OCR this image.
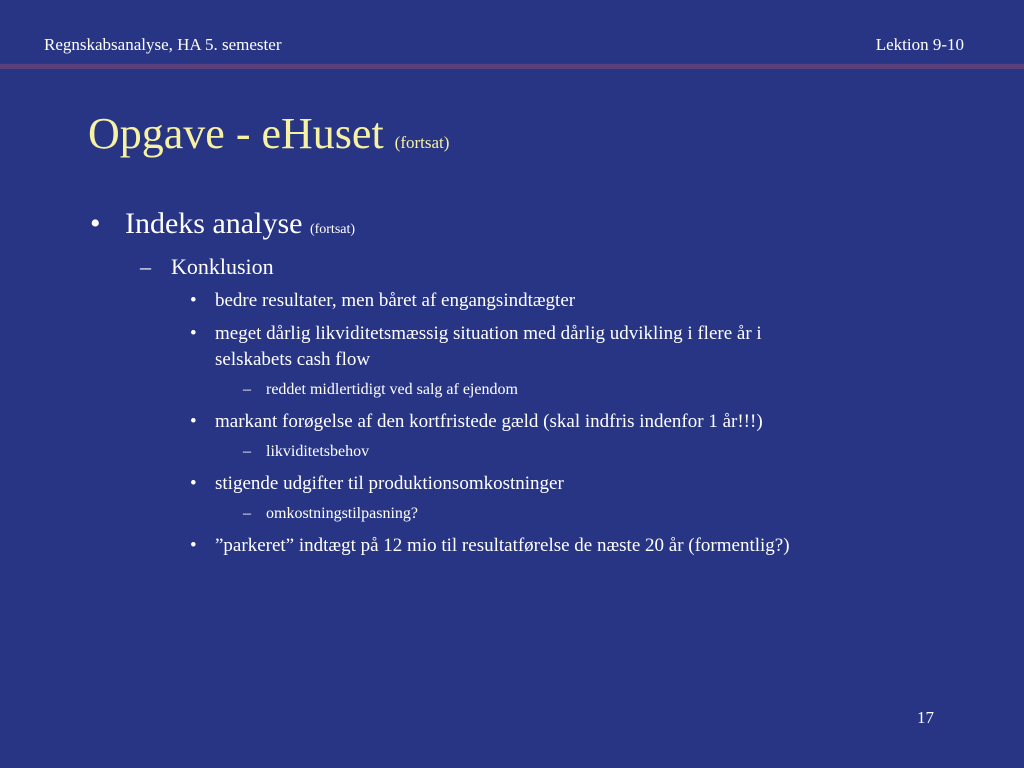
Regnskabsanalyse, HA 5. semester	Lektion 9-10
Opgave - eHuset (fortsat)
• Indeks analyse (fortsat)
– Konklusion
• bedre resultater, men båret af engangsindtægter
• meget dårlig likviditetsmæssig situation med dårlig udvikling i flere år i
selskabets cash flow
– reddet midlertidigt ved salg af ejendom
• markant forøgelse af den kortfristede gæld (skal indfris indenfor 1 år!!!)
– likviditetsbehov
• stigende udgifter til produktionsomkostninger
– omkostningstilpasning?
• ”parkeret” indtægt på 12 mio til resultatførelse de næste 20 år (formentlig?)
17
